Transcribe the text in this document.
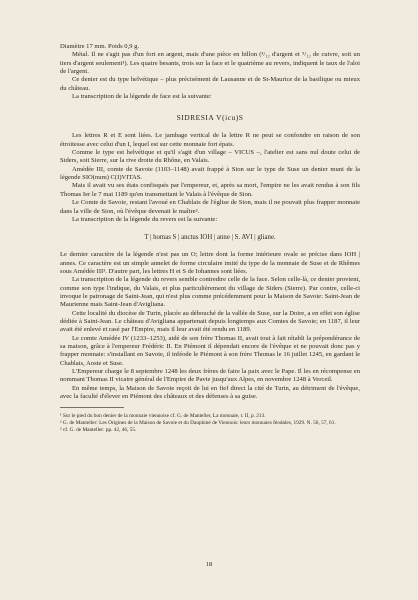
Diamètre 17 mm. Poids 0,9 g.

Métal. Il ne s'agit pas d'un fort en argent, mais d'une pièce en billon (³/₁₂ d'argent et ⁹/₁₂ de cuivre, soit un tiers d'argent seulement¹). Les quatre besants, trois sur la face et le quatrième au revers, indiquent le taux de l'aloi de l'argent.

Ce denier est du type helvétique – plus précisément de Lausanne et de St-Maurice de la basilique ou mieux du château.

La transcription de la légende de face est la suivante:

SIDRESIA V(icu)S

Les lettres R et E sont liées. Le jambage vertical de la lettre R ne peut se confondre en raison de son étroitesse avec celui d'un I, lequel est sur cette monnaie fort épais.

Comme le type est helvétique et qu'il s'agit d'un village – VICUS –, l'atelier est sans nul doute celui de Siders, soit Sierre, sur la rive droite du Rhône, en Valais.

Amédée III, comte de Savoie (1103–1148) avait frappé à Sion sur le type de Suse un denier muni de la légende SIO(num) C(I)VITAS.

Mais il avait vu ses états confisqués par l'empereur, et, après sa mort, l'empire ne les avait rendus à son fils Thomas Ier le 7 mai 1189 qu'en transmettant le Valais à l'évêque de Sion.

Le Comte de Savoie, restant l'avoué en Chablais de l'église de Sion, mais il ne pouvait plus frapper monnaie dans la ville de Sion, où l'évêque devenait le maître².

La transcription de la légende du revers est la suivante:

T | homas S | anctus IOH | anne | S. AVI | gliane.

Le dernier caractère de la légende n'est pas un O; lettre dont la forme intérieure ovale se précise dans IOH | annes. Ce caractère est un simple annelet de forme circulaire imité du type de la monnaie de Suse et de Rhêmes sous Amédée III³. D'autre part, les lettres H et S de Iohannes sont liées.

La transcription de la légende du revers semble contredire celle de la face. Selon celle-là, ce denier provient, comme son type l'indique, du Valais, et plus particulièrement du village de Siders (Sierre). Par contre, celle-ci invoque le patronage de Saint-Jean, qui n'est plus comme précédemment pour la Maison de Savoie: Saint-Jean de Maurienne mais Saint-Jean d'Avigliana.

Cette localité du diocèse de Turin, placée au débouché de la vallée de Suse, sur la Doire, a en effet son église dédiée à Saint-Jean. Le château d'Avigliana appartenait depuis longtemps aux Comtes de Savoie; en 1187, il leur avait été enlevé et rasé par l'Empire, mais il leur avait été rendu en 1189.

Le comte Amédée IV (1233–1253), aidé de son frère Thomas II, avait tout à fait rétabli la prépondérance de sa maison, grâce à l'empereur Frédéric II. En Piémont il dépendait encore de l'évêque et ne pouvait donc pas y frapper monnaie: s'installant en Savoie, il inféode le Piémont à son frère Thomas le 16 juillet 1245, en gardant le Chablais, Aoste et Suse.

L'Empereur charge le 8 septembre 1248 les deux frères de faire la paix avec le Pape. Il les en récompense en nommant Thomas II vicaire général de l'Empire de Pavie jusqu'aux Alpes, en novembre 1248 à Verceil.

En même temps, la Maison de Savoie reçoit de lui en fief direct la cité de Turin, au détriment de l'évêque, avec la faculté d'élever en Piémont des châteaux et des défenses à sa guise.

¹ Sur le pied du bon denier de la monnaie viennoise cf. G. de Manteller, La monnaie, t. II, p. 213.

² G. de Manteller: Les Origines de la Maison de Savoie et du Dauphiné de Viennois: leurs monnaies féodales, 1929. N. 56, 57, 61.

³ cf. G. de Manteller: pp. 42, 46, 55.

18
